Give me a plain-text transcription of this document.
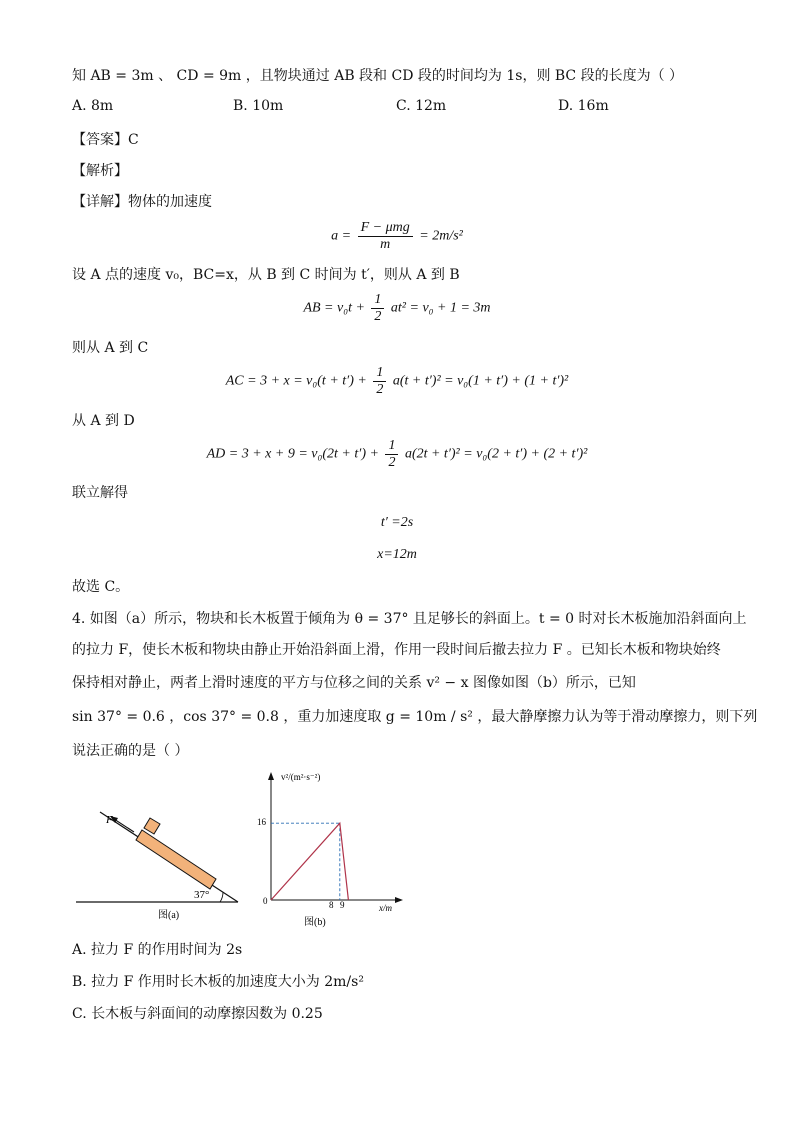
知 AB = 3m 、 CD = 9m ，且物块通过 AB 段和 CD 段的时间均为 1s，则 BC 段的长度为（ ）
A. 8m	B. 10m	C. 12m	D. 16m
【答案】C
【解析】
【详解】物体的加速度
$a = \frac{\text{F − μmg}}{m} = 2m/s^2$
设 A 点的速度 v₀，BC=x，从 B 到 C 时间为 t′，则从 A 到 B
AB = $v_0t + \frac{1}{2} at^2 = v_0 + 1 = 3m$
则从 A 到 C
AC = $3 + x = v_0(t + t') + \frac{1}{2} a(t + t')^2 = v_0(1 + t') + (1 + t')^2$
从 A 到 D
AD = $3 + x + 9 = v_0(2t + t') + \frac{1}{2} a(2t + t')^2 = v_0(2 + t') + (2 + t')^2$
联立解得
t′ =2s
x=12m
故选 C。
4. 如图（a）所示，物块和长木板置于倾角为 θ = 37° 且足够长的斜面上。t = 0 时对长木板施加沿斜面向上
的拉力 F，使长木板和物块由静止开始沿斜面上滑，作用一段时间后撤去拉力 F 。已知长木板和物块始终
保持相对静止，两者上滑时速度的平方与位移之间的关系 v² − x 图像如图（b）所示，已知
sin 37° = 0.6 ，cos 37° = 0.8 ，重力加速度取 g = 10m / s² ，最大静摩擦力认为等于滑动摩擦力，则下列
说法正确的是（ ）
F
37°
图(a)
v²/(m²·s⁻²)
x/m
0
16
8 9
图(b)
A. 拉力 F 的作用时间为 2s
B. 拉力 F 作用时长木板的加速度大小为 2m/s²
C. 长木板与斜面间的动摩擦因数为 0.25
